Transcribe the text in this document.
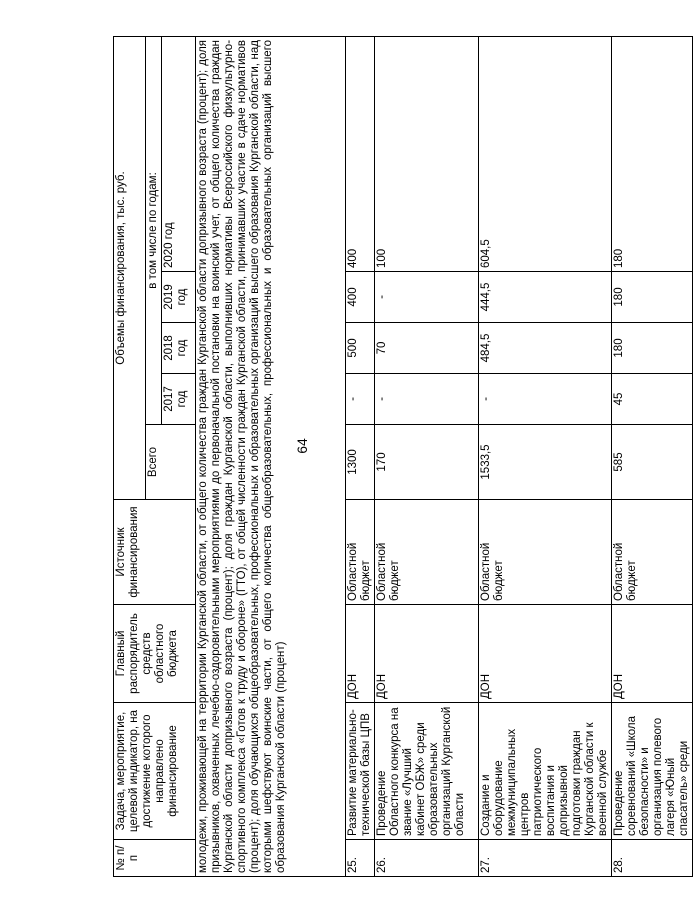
64
№ п/п	Задача, мероприятие, целевой индикатор, на достижение которого направлено финансирование	Главный распорядитель средств областного бюджета	Источник финансирования	Объемы финансирования, тыс. руб.				
				Всего	в том числе по годам:			
					2017 год	2018 год	2019 год	2020 год
молодежи, проживающей на территории Курганской области, от общего количества граждан Курганской области допризывного возраста (процент); доля призывников, охваченных лечебно-оздоровительными мероприятиями до первоначальной постановки на воинский учет, от общего количества граждан Курганской области допризывного возраста (процент); доля граждан Курганской области, выполнивших нормативы Всероссийского физкультурно-спортивного комплекса «Готов к труду и обороне» (ГТО), от общей численности граждан Курганской области, принимавших участие в сдаче нормативов (процент); доля обучающихся общеобразовательных, профессиональных и образовательных организаций высшего образования Курганской области, над которыми шефствуют воинские части, от общего количества общеобразовательных, профессиональных и образовательных организаций высшего образования Курганской области (процент)								
25.	Развитие материально-технической базы ЦПВ	ДОН	Областной бюджет	1300	-	500	400	400
26.	Проведение Областного конкурса на звание «Лучший кабинет ОБЖ» среди образовательных организаций Курганской области	ДОН	Областной бюджет	170	-	70	-	100
27.	Создание и оборудование межмуниципальных центров патриотического воспитания и допризывной подготовки граждан Курганской области к военной службе	ДОН	Областной бюджет	1533,5	-	484,5	444,5	604,5
28.	Проведение соревнований «Школа безопасности» и организация полевого лагеря «Юный спасатель» среди	ДОН	Областной бюджет	585	45	180	180	180
